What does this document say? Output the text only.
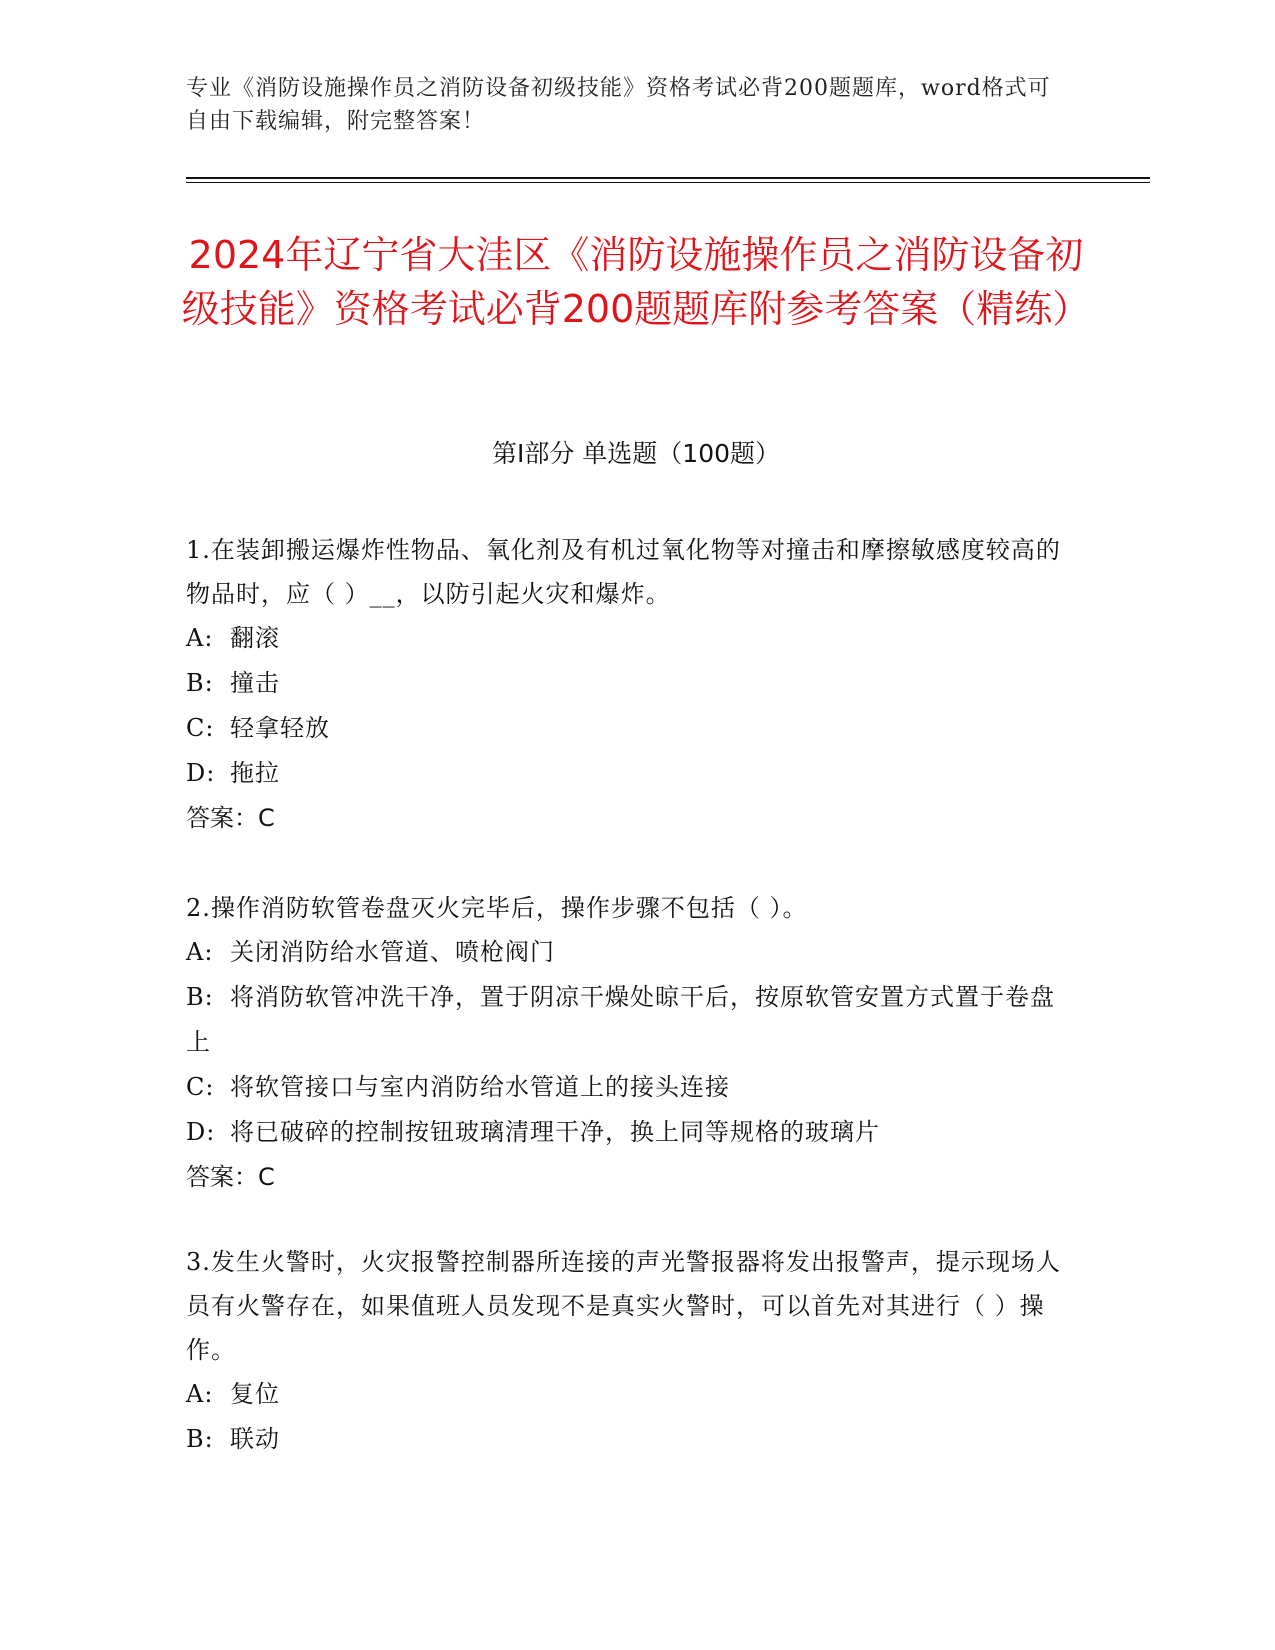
专业《消防设施操作员之消防设备初级技能》资格考试必背200题题库，word格式可自由下载编辑，附完整答案！
2024年辽宁省大洼区《消防设施操作员之消防设备初级技能》资格考试必背200题题库附参考答案（精练）
第I部分 单选题（100题）

1.在装卸搬运爆炸性物品、氧化剂及有机过氧化物等对撞击和摩擦敏感度较高的物品时，应（ ）__，以防引起火灾和爆炸。

A: 翻滚

B: 撞击

C: 轻拿轻放

D: 拖拉

答案：C

2.操作消防软管卷盘灭火完毕后，操作步骤不包括（ ）。

A: 关闭消防给水管道、喷枪阀门

B: 将消防软管冲洗干净，置于阴凉干燥处晾干后，按原软管安置方式置于卷盘上

C: 将软管接口与室内消防给水管道上的接头连接

D: 将已破碎的控制按钮玻璃清理干净，换上同等规格的玻璃片

答案：C

3.发生火警时，火灾报警控制器所连接的声光警报器将发出报警声，提示现场人员有火警存在，如果值班人员发现不是真实火警时，可以首先对其进行（ ）操作。

A: 复位

B: 联动
